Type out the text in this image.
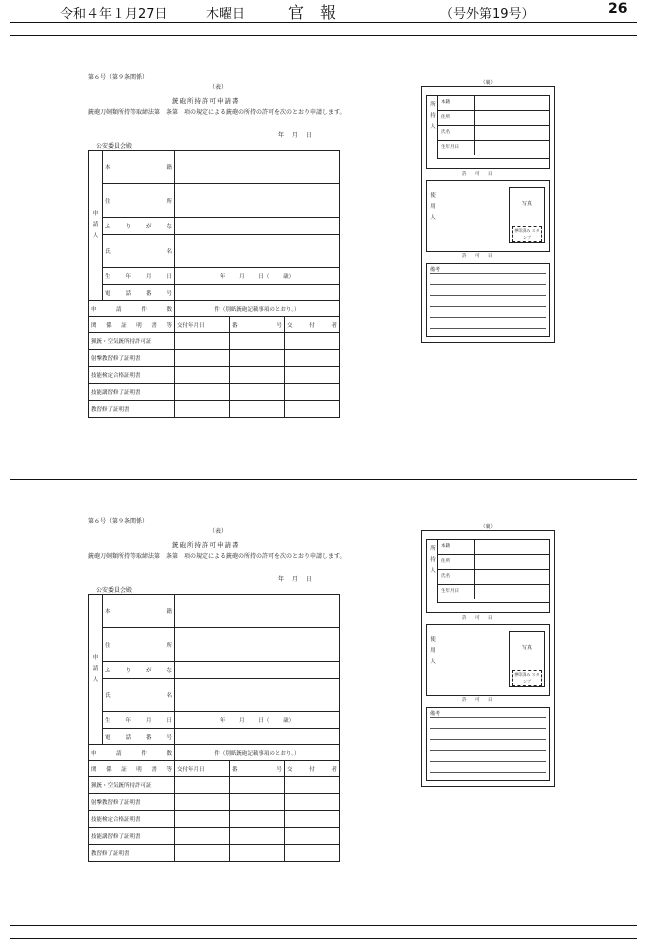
令和４年１月27日	木曜日	官　報	（号外第19号）	26
第６号（第９条関係）
（表）
銃砲所持許可申請書
銃砲刀剣類所持等取締法第　条第　項の規定による銃砲の所持の許可を次のとおり申請します。
年 月 日
公安委員会殿
申請人	本籍			
	住所			
	ふりがな			
	氏名			
	生年月日	年 月 日（ 歳）		
	電話番号			
申請件数		件（別紙銃砲記載事項のとおり。）		
関係証明書等		交付年月日	番号	交付者
猟銃・空気銃所持許可証				
射撃教習修了証明書				
技能検定合格証明書				
技能講習修了証明書				
教習修了証明書				
（裏）
所持人
本籍
住所
氏名
生年月日
許　可　日
使用人
写真
押印済み スタンプ
許　可　日
備考
第６号（第９条関係）
（表）
銃砲所持許可申請書
銃砲刀剣類所持等取締法第　条第　項の規定による銃砲の所持の許可を次のとおり申請します。
年 月 日
公安委員会殿
申請人	本籍			
	住所			
	ふりがな			
	氏名			
	生年月日	年 月 日（ 歳）		
	電話番号			
申請件数		件（別紙銃砲記載事項のとおり。）		
関係証明書等		交付年月日	番号	交付者
猟銃・空気銃所持許可証				
射撃教習修了証明書				
技能検定合格証明書				
技能講習修了証明書				
教習修了証明書				
（裏）
所持人
本籍
住所
氏名
生年月日
許　可　日
使用人
写真
押印済み スタンプ
許　可　日
備考
